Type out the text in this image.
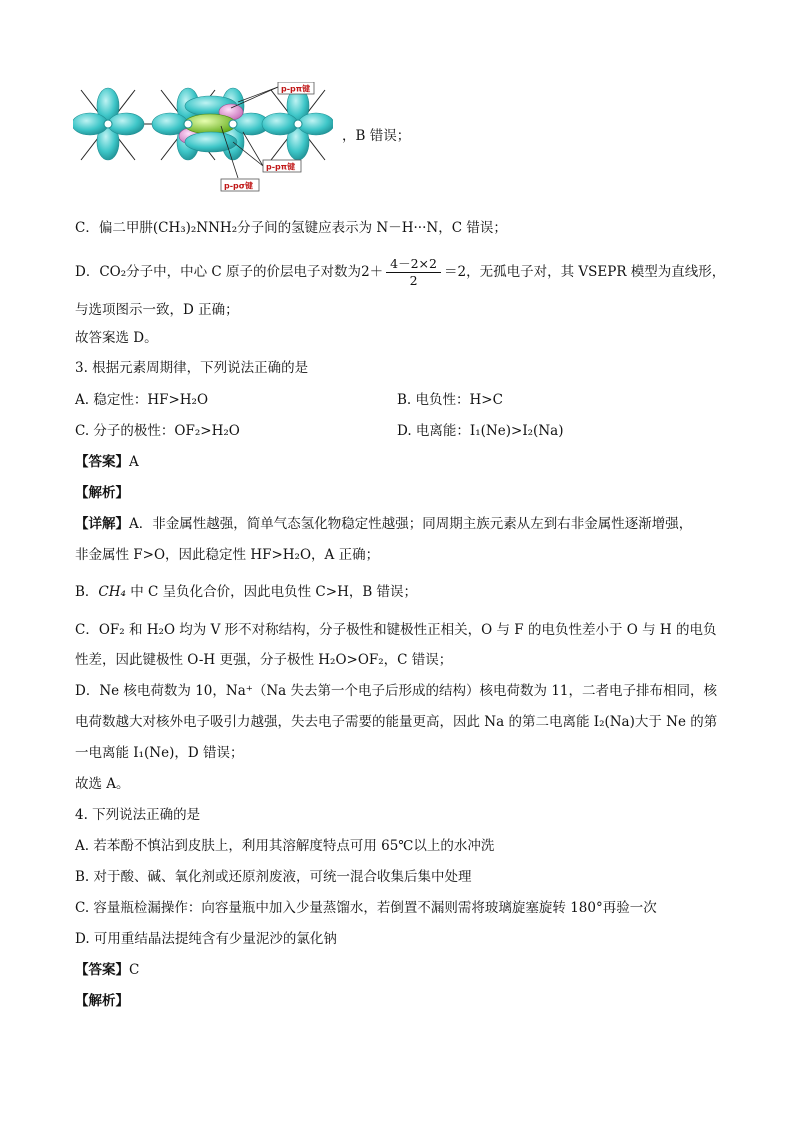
p-pπ键
p-pπ键
p-pσ键
，B 错误；
C．偏二甲肼(CH₃)₂NNH₂分子间的氢键应表示为 N－H···N，C 错误；
D．CO₂分子中，中心 C 原子的价层电子对数为$2+ \frac{4-2\times 2}{2} =2$，无孤电子对，其 VSEPR 模型为直线形，
与选项图示一致，D 正确；
故答案选 D。
3. 根据元素周期律，下列说法正确的是
A. 稳定性：HF>H₂O	B. 电负性：H>C
C. 分子的极性：OF₂>H₂O	D. 电离能：I₁(Ne)>I₂(Na)
【答案】A
【解析】
【详解】A．非金属性越强，简单气态氢化物稳定性越强；同周期主族元素从左到右非金属性逐渐增强，
非金属性 F>O，因此稳定性 HF>H₂O，A 正确；
B．CH₄ 中 C 呈负化合价，因此电负性 C>H，B 错误；
C．OF₂ 和 H₂O 均为 V 形不对称结构，分子极性和键极性正相关，O 与 F 的电负性差小于 O 与 H 的电负
性差，因此键极性 O-H 更强，分子极性 H₂O>OF₂，C 错误；
D．Ne 核电荷数为 10，Na⁺（Na 失去第一个电子后形成的结构）核电荷数为 11，二者电子排布相同，核
电荷数越大对核外电子吸引力越强，失去电子需要的能量更高，因此 Na 的第二电离能 I₂(Na)大于 Ne 的第
一电离能 I₁(Ne)，D 错误；
故选 A。
4. 下列说法正确的是
A. 若苯酚不慎沾到皮肤上，利用其溶解度特点可用 65℃以上的水冲洗
B. 对于酸、碱、氧化剂或还原剂废液，可统一混合收集后集中处理
C. 容量瓶检漏操作：向容量瓶中加入少量蒸馏水，若倒置不漏则需将玻璃旋塞旋转 180°再验一次
D. 可用重结晶法提纯含有少量泥沙的氯化钠
【答案】C
【解析】
